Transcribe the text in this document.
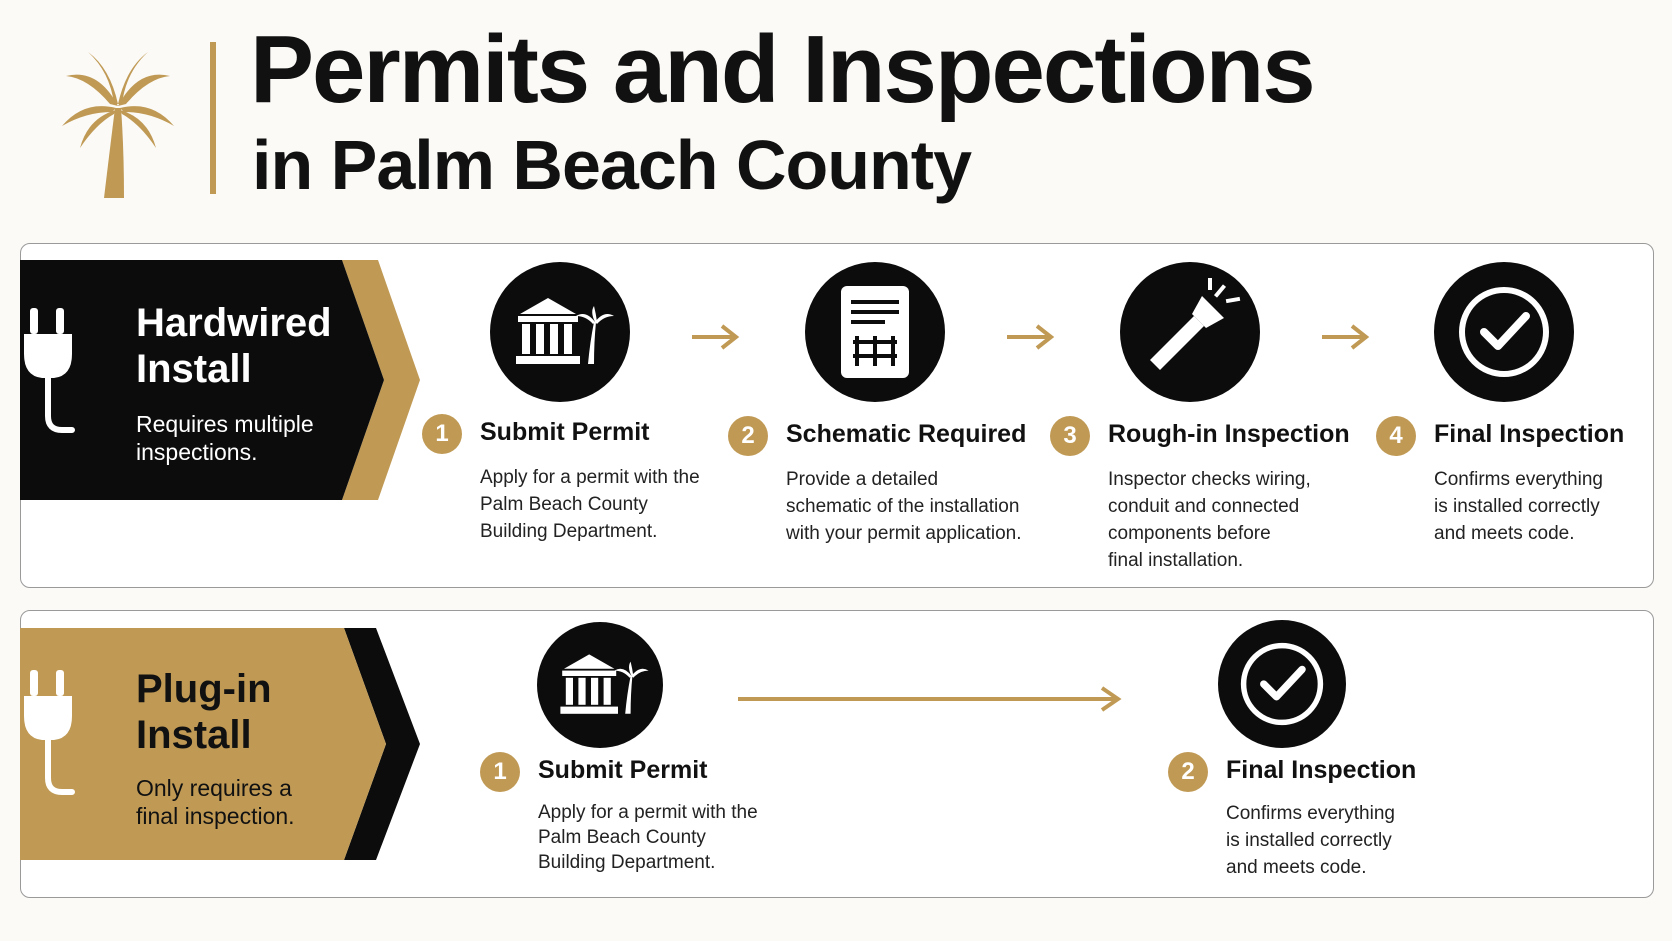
Permits and Inspections
in Palm Beach County
Hardwired
Install
Requires multiple
inspections.
1	Submit Permit
Apply for a permit with the
Palm Beach County
Building Department.
2	Schematic Required
Provide a detailed
schematic of the installation
with your permit application.
3	Rough-in Inspection
Inspector checks wiring,
conduit and connected
components before
final installation.
4	Final Inspection
Confirms everything
is installed correctly
and meets code.
Plug-in
Install
Only requires a
final inspection.
1	Submit Permit
Apply for a permit with the
Palm Beach County
Building Department.
2	Final Inspection
Confirms everything
is installed correctly
and meets code.
